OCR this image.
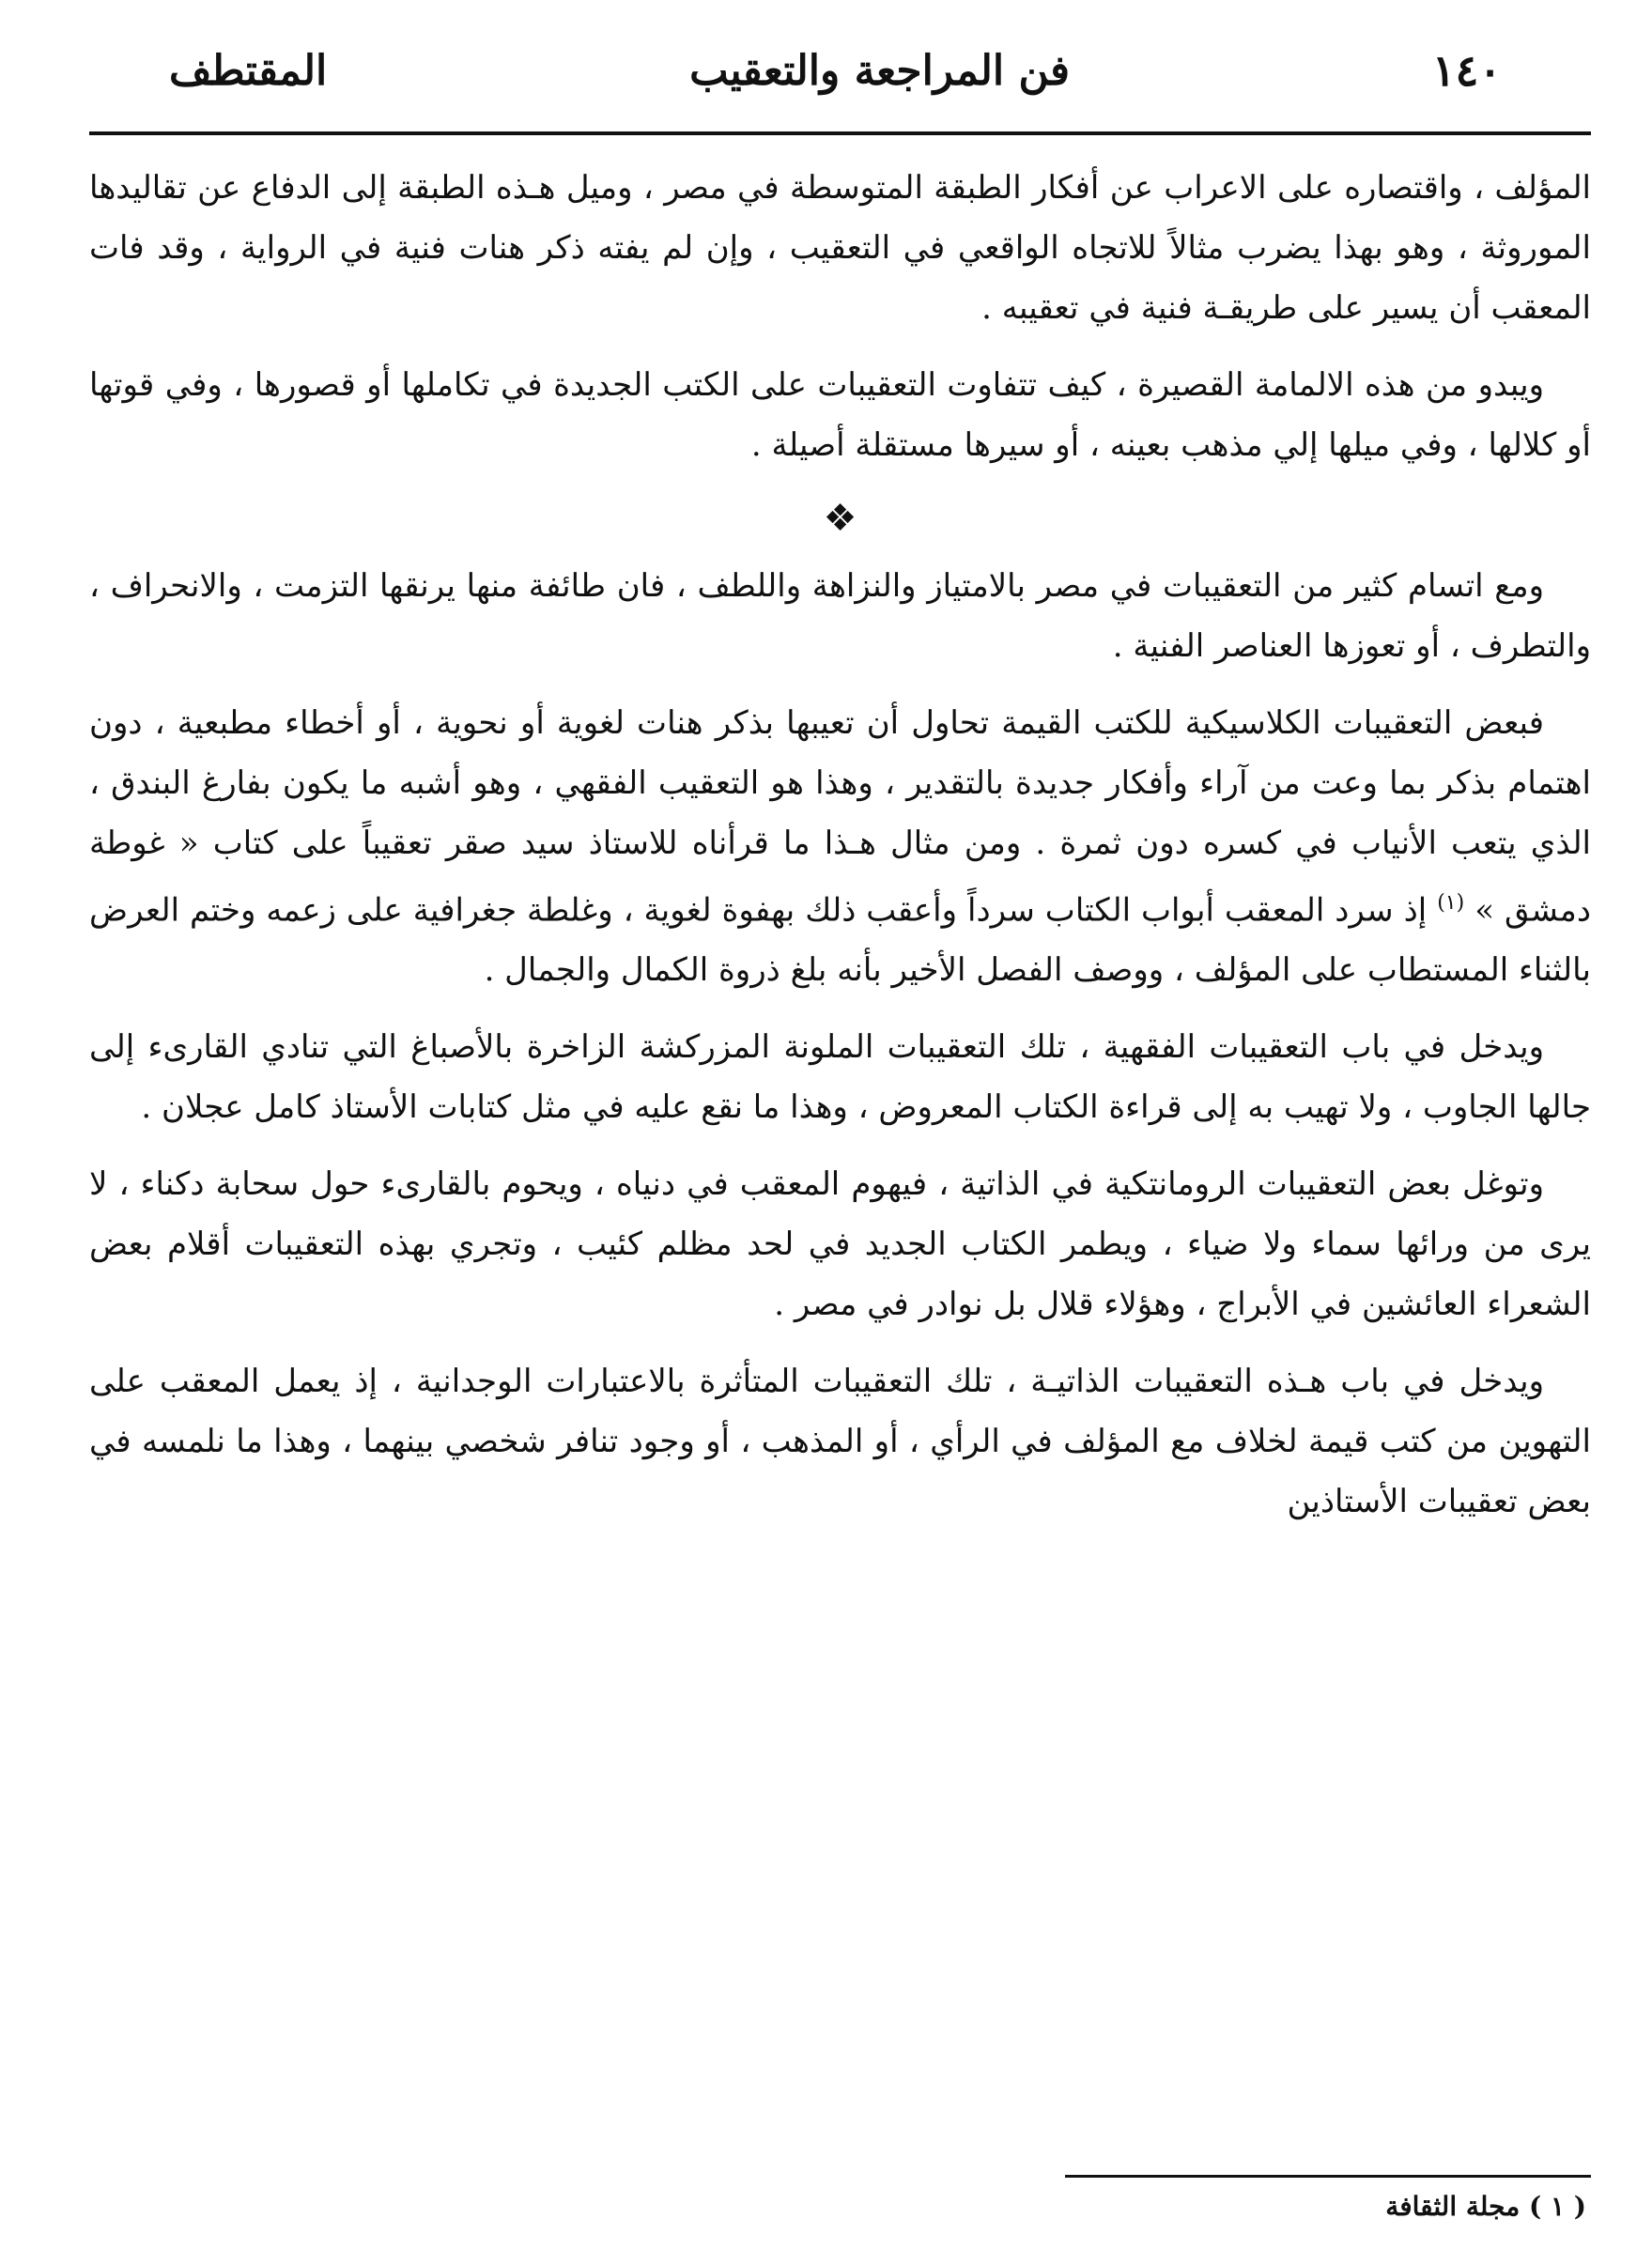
١٤٠
فن المراجعة والتعقيب
المقتطف

المؤلف ، واقتصاره على الاعراب عن أفكار الطبقة المتوسطة في مصر ، وميل هـذه الطبقة إلى الدفاع عن تقاليدها الموروثة ، وهو بهذا يضرب مثالاً للاتجاه الواقعي في التعقيب ، وإن لم يفته ذكر هنات فنية في الرواية ، وقد فات المعقب أن يسير على طريقـة فنية في تعقيبه .

ويبدو من هذه الالمامة القصيرة ، كيف تتفاوت التعقيبات على الكتب الجديدة في تكاملها أو قصورها ، وفي قوتها أو كلالها ، وفي ميلها إلي مذهب بعينه ، أو سيرها مستقلة أصيلة .

❖

ومع اتسام كثير من التعقيبات في مصر بالامتياز والنزاهة واللطف ، فان طائفة منها يرنقها التزمت ، والانحراف ، والتطرف ، أو تعوزها العناصر الفنية .

فبعض التعقيبات الكلاسيكية للكتب القيمة تحاول أن تعيبها بذكر هنات لغوية أو نحوية ، أو أخطاء مطبعية ، دون اهتمام بذكر بما وعت من آراء وأفكار جديدة بالتقدير ، وهذا هو التعقيب الفقهي ، وهو أشبه ما يكون بفارغ البندق ، الذي يتعب الأنياب في كسره دون ثمرة . ومن مثال هـذا ما قرأناه للاستاذ سيد صقر تعقيباً على كتاب « غوطة دمشق » $^{(١)}$ إذ سرد المعقب أبواب الكتاب سرداً وأعقب ذلك بهفوة لغوية ، وغلطة جغرافية على زعمه وختم العرض بالثناء المستطاب على المؤلف ، ووصف الفصل الأخير بأنه بلغ ذروة الكمال والجمال .

ويدخل في باب التعقيبات الفقهية ، تلك التعقيبات الملونة المزركشة الزاخرة بالأصباغ التي تنادي القارىء إلى جالها الجاوب ، ولا تهيب به إلى قراءة الكتاب المعروض ، وهذا ما نقع عليه في مثل كتابات الأستاذ كامل عجلان .

وتوغل بعض التعقيبات الرومانتكية في الذاتية ، فيهوم المعقب في دنياه ، ويحوم بالقارىء حول سحابة دكناء ، لا يرى من ورائها سماء ولا ضياء ، ويطمر الكتاب الجديد في لحد مظلم كئيب ، وتجري بهذه التعقيبات أقلام بعض الشعراء العائشين في الأبراج ، وهؤلاء قلال بل نوادر في مصر .

ويدخل في باب هـذه التعقيبات الذاتيـة ، تلك التعقيبات المتأثرة بالاعتبارات الوجدانية ، إذ يعمل المعقب على التهوين من كتب قيمة لخلاف مع المؤلف في الرأي ، أو المذهب ، أو وجود تنافر شخصي بينهما ، وهذا ما نلمسه في بعض تعقيبات الأستاذين

( ١ ) مجلة الثقافة
